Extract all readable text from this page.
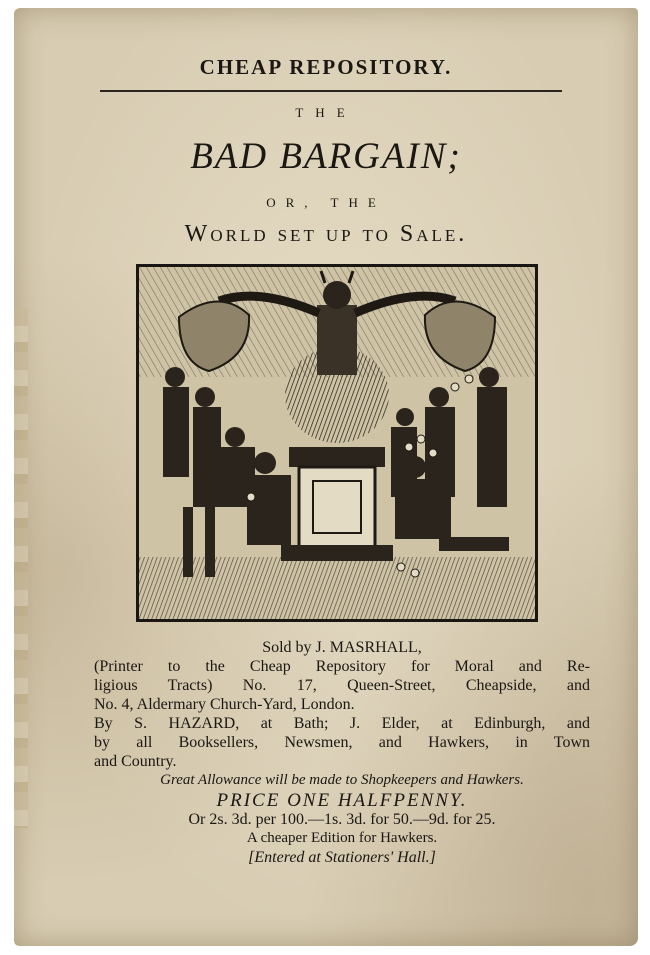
CHEAP REPOSITORY.
THE
BAD BARGAIN;
OR, THE
World set up to Sale.
Sold by J. MASRHALL,
(Printer to the Cheap Repository for Moral and Re-
ligious Tracts) No. 17, Queen-Street, Cheapside, and
No. 4, Aldermary Church-Yard, London.
By S. HAZARD, at Bath; J. Elder, at Edinburgh, and
by all Booksellers, Newsmen, and Hawkers, in Town
and Country.
Great Allowance will be made to Shopkeepers and Hawkers.
PRICE ONE HALFPENNY.
Or 2s. 3d. per 100.—1s. 3d. for 50.—9d. for 25.
A cheaper Edition for Hawkers.
[Entered at Stationers' Hall.]
